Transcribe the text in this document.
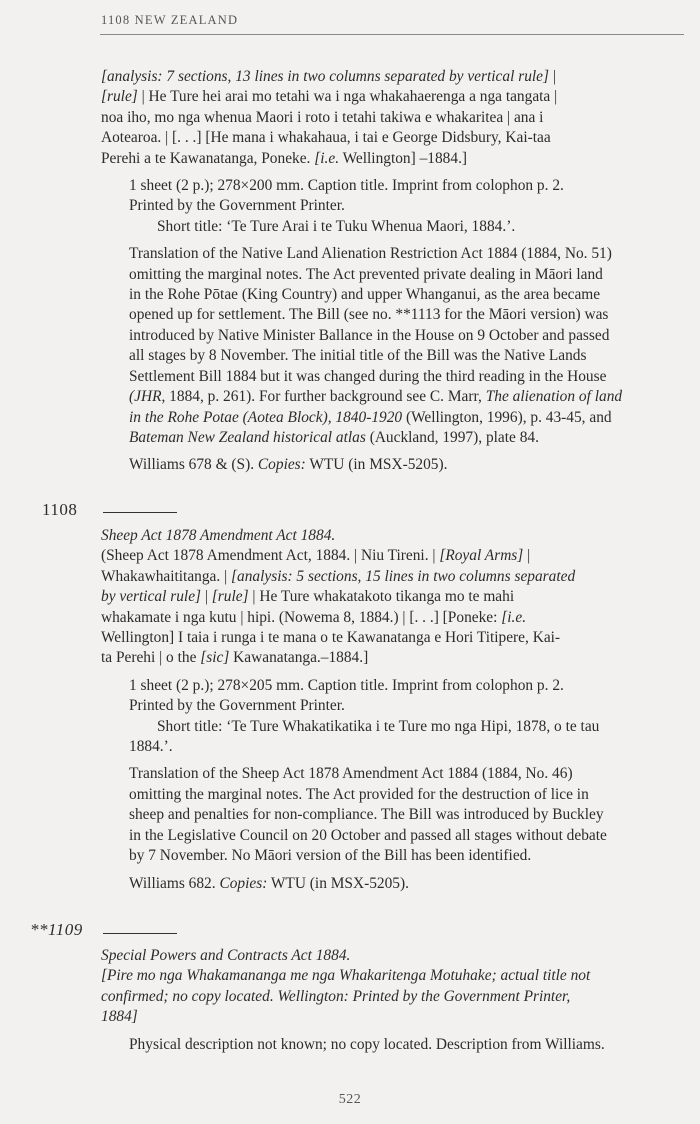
1108 NEW ZEALAND

[analysis: 7 sections, 13 lines in two columns separated by vertical rule] |

[rule] | He Ture hei arai mo tetahi wa i nga whakahaerenga a nga tangata |

noa iho, mo nga whenua Maori i roto i tetahi takiwa e whakaritea | ana i

Aotearoa. | [. . .] [He mana i whakahaua, i tai e George Didsbury, Kai-taa

Perehi a te Kawanatanga, Poneke. [i.e. Wellington] –1884.]

1 sheet (2 p.); 278×200 mm. Caption title. Imprint from colophon p. 2.

Printed by the Government Printer.

Short title: ‘Te Ture Arai i te Tuku Whenua Maori, 1884.’.

Translation of the Native Land Alienation Restriction Act 1884 (1884, No. 51)

omitting the marginal notes. The Act prevented private dealing in Māori land

in the Rohe Pōtae (King Country) and upper Whanganui, as the area became

opened up for settlement. The Bill (see no. **1113 for the Māori version) was

introduced by Native Minister Ballance in the House on 9 October and passed

all stages by 8 November. The initial title of the Bill was the Native Lands

Settlement Bill 1884 but it was changed during the third reading in the House

(JHR, 1884, p. 261). For further background see C. Marr, The alienation of land

in the Rohe Potae (Aotea Block), 1840-1920 (Wellington, 1996), p. 43-45, and

Bateman New Zealand historical atlas (Auckland, 1997), plate 84.

Williams 678 & (S). Copies: WTU (in MSX-5205).

1108

Sheep Act 1878 Amendment Act 1884.

(Sheep Act 1878 Amendment Act, 1884. | Niu Tireni. | [Royal Arms] |

Whakawhaititanga. | [analysis: 5 sections, 15 lines in two columns separated

by vertical rule] | [rule] | He Ture whakatakoto tikanga mo te mahi

whakamate i nga kutu | hipi. (Nowema 8, 1884.) | [. . .] [Poneke: [i.e.

Wellington] I taia i runga i te mana o te Kawanatanga e Hori Titipere, Kai-

ta Perehi | o the [sic] Kawanatanga.–1884.]

1 sheet (2 p.); 278×205 mm. Caption title. Imprint from colophon p. 2.

Printed by the Government Printer.

Short title: ‘Te Ture Whakatikatika i te Ture mo nga Hipi, 1878, o te tau

1884.’.

Translation of the Sheep Act 1878 Amendment Act 1884 (1884, No. 46)

omitting the marginal notes. The Act provided for the destruction of lice in

sheep and penalties for non-compliance. The Bill was introduced by Buckley

in the Legislative Council on 20 October and passed all stages without debate

by 7 November. No Māori version of the Bill has been identified.

Williams 682. Copies: WTU (in MSX-5205).

**1109

Special Powers and Contracts Act 1884.

[Pire mo nga Whakamananga me nga Whakaritenga Motuhake; actual title not

confirmed; no copy located. Wellington: Printed by the Government Printer,

1884]

Physical description not known; no copy located. Description from Williams.

522
